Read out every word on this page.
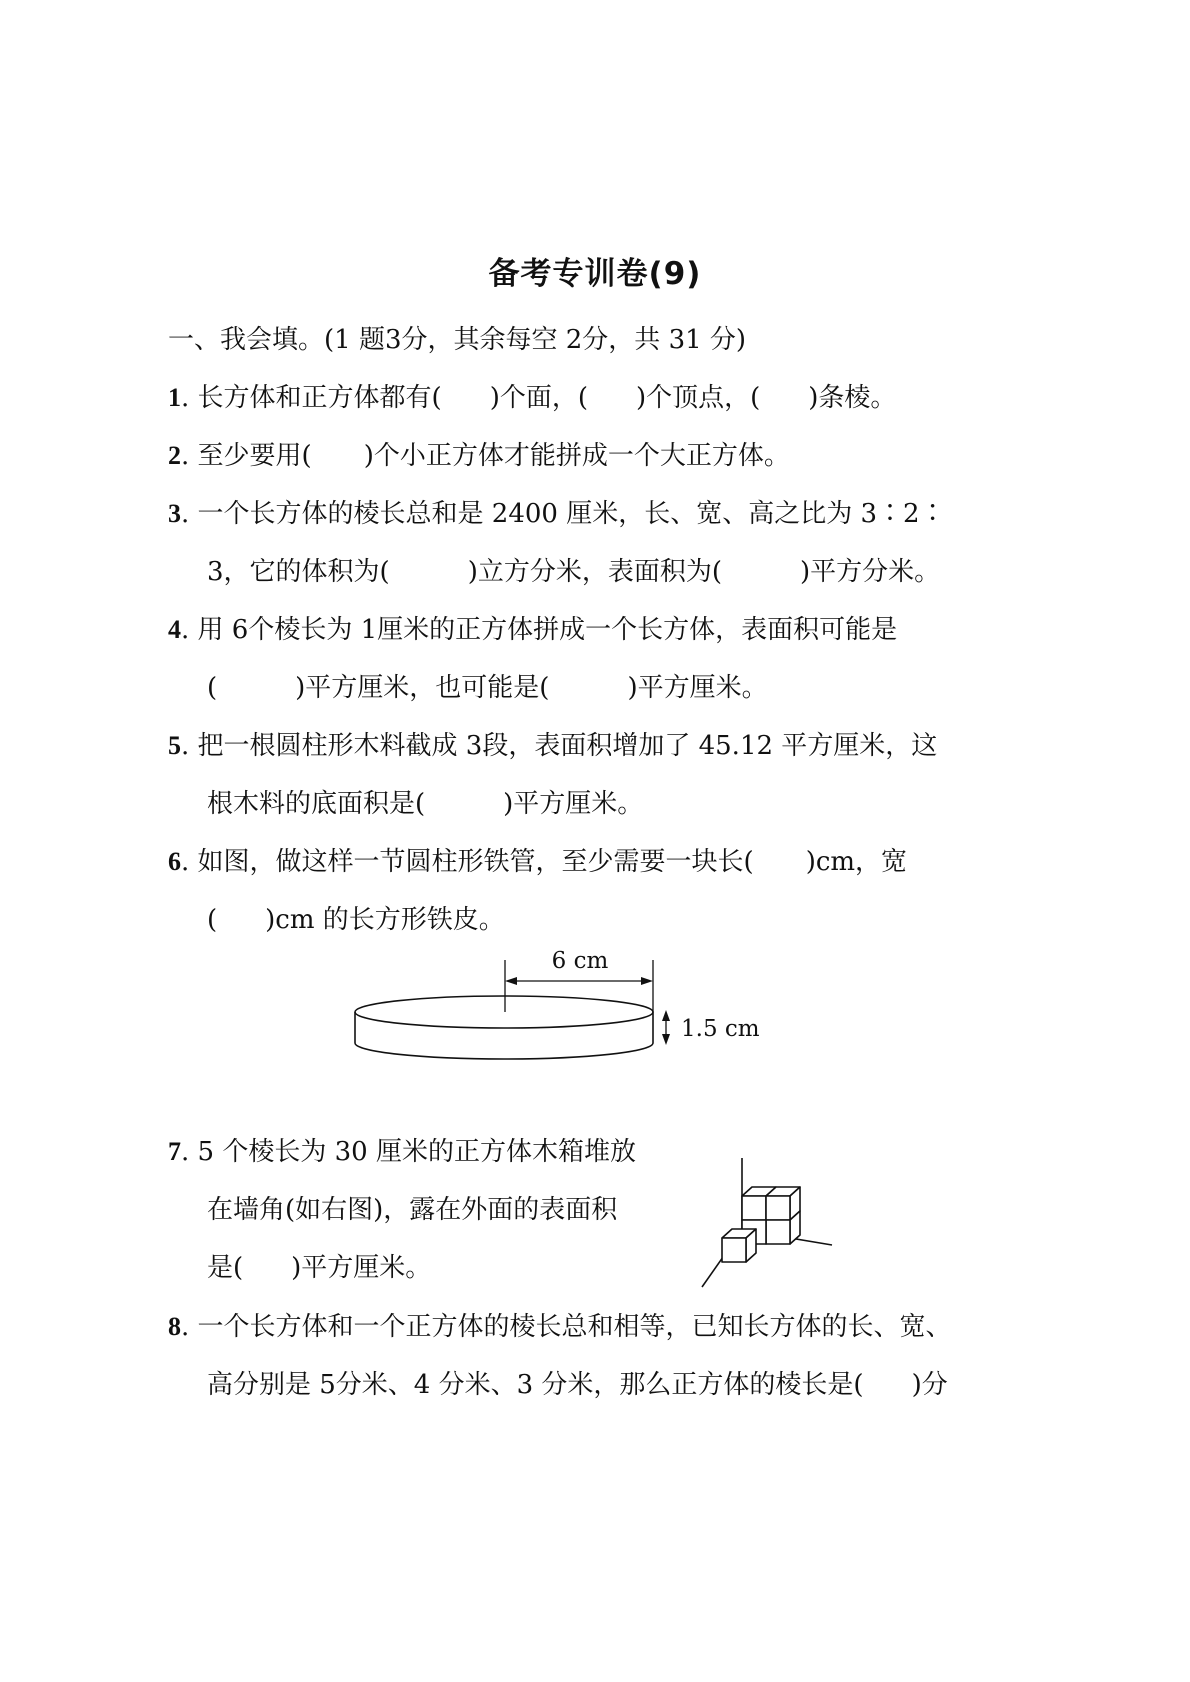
备考专训卷(9)
一、我会填。(1 题3分，其余每空 2分，共 31 分)
1. 长方体和正方体都有( )个面，( )个顶点，( )条棱。
2. 至少要用( )个小正方体才能拼成一个大正方体。
3. 一个长方体的棱长总和是 2400 厘米，长、宽、高之比为 3∶2∶
3，它的体积为(	)立方分米，表面积为(	)平方分米。
4. 用 6个棱长为 1厘米的正方体拼成一个长方体，表面积可能是
(	)平方厘米，也可能是(	)平方厘米。
5. 把一根圆柱形木料截成 3段，表面积增加了 45.12 平方厘米，这
根木料的底面积是(	)平方厘米。
6. 如图，做这样一节圆柱形铁管，至少需要一块长( )cm，宽
( )cm 的长方形铁皮。
6 cm
1.5 cm
7. 5 个棱长为 30 厘米的正方体木箱堆放
在墙角(如右图)，露在外面的表面积
是( )平方厘米。
8. 一个长方体和一个正方体的棱长总和相等，已知长方体的长、宽、
高分别是 5分米、4 分米、3 分米，那么正方体的棱长是( )分
